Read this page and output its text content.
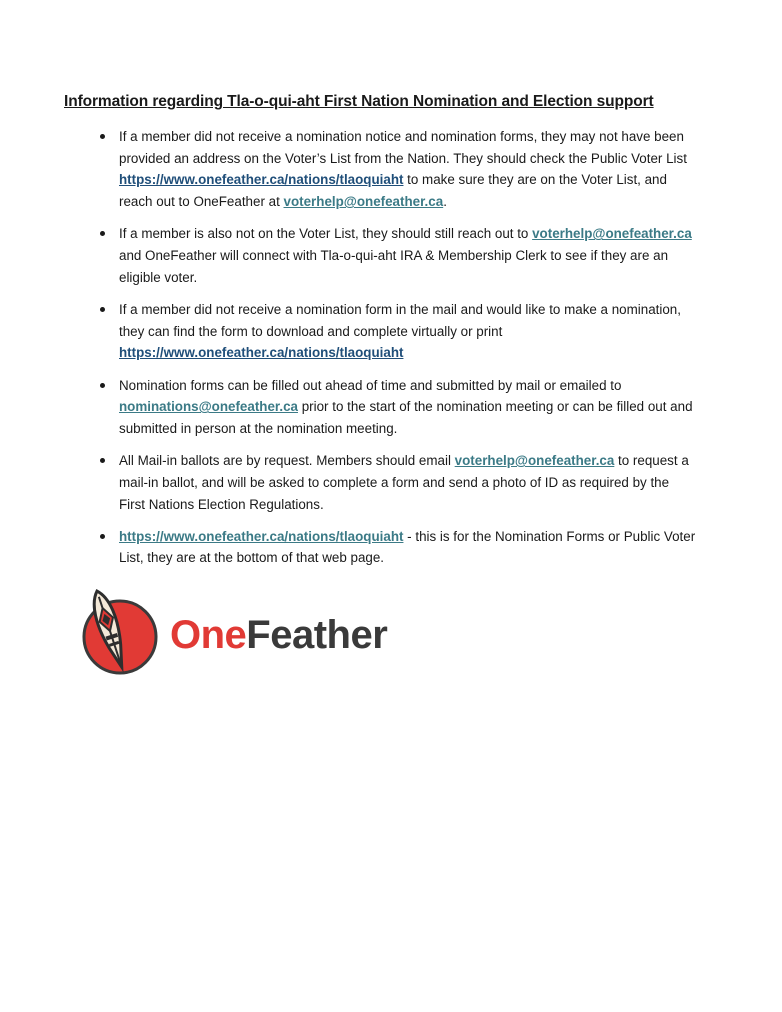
Information regarding Tla-o-qui-aht First Nation Nomination and Election support
If a member did not receive a nomination notice and nomination forms, they may not have been provided an address on the Voter’s List from the Nation. They should check the Public Voter List https://www.onefeather.ca/nations/tlaoquiaht to make sure they are on the Voter List, and reach out to OneFeather at voterhelp@onefeather.ca.
If a member is also not on the Voter List, they should still reach out to voterhelp@onefeather.ca and OneFeather will connect with Tla-o-qui-aht IRA & Membership Clerk to see if they are an eligible voter.
If a member did not receive a nomination form in the mail and would like to make a nomination, they can find the form to download and complete virtually or print https://www.onefeather.ca/nations/tlaoquiaht
Nomination forms can be filled out ahead of time and submitted by mail or emailed to nominations@onefeather.ca prior to the start of the nomination meeting or can be filled out and submitted in person at the nomination meeting.
All Mail-in ballots are by request. Members should email voterhelp@onefeather.ca to request a mail-in ballot, and will be asked to complete a form and send a photo of ID as required by the First Nations Election Regulations.
https://www.onefeather.ca/nations/tlaoquiaht - this is for the Nomination Forms or Public Voter List, they are at the bottom of that web page.
OneFeather
